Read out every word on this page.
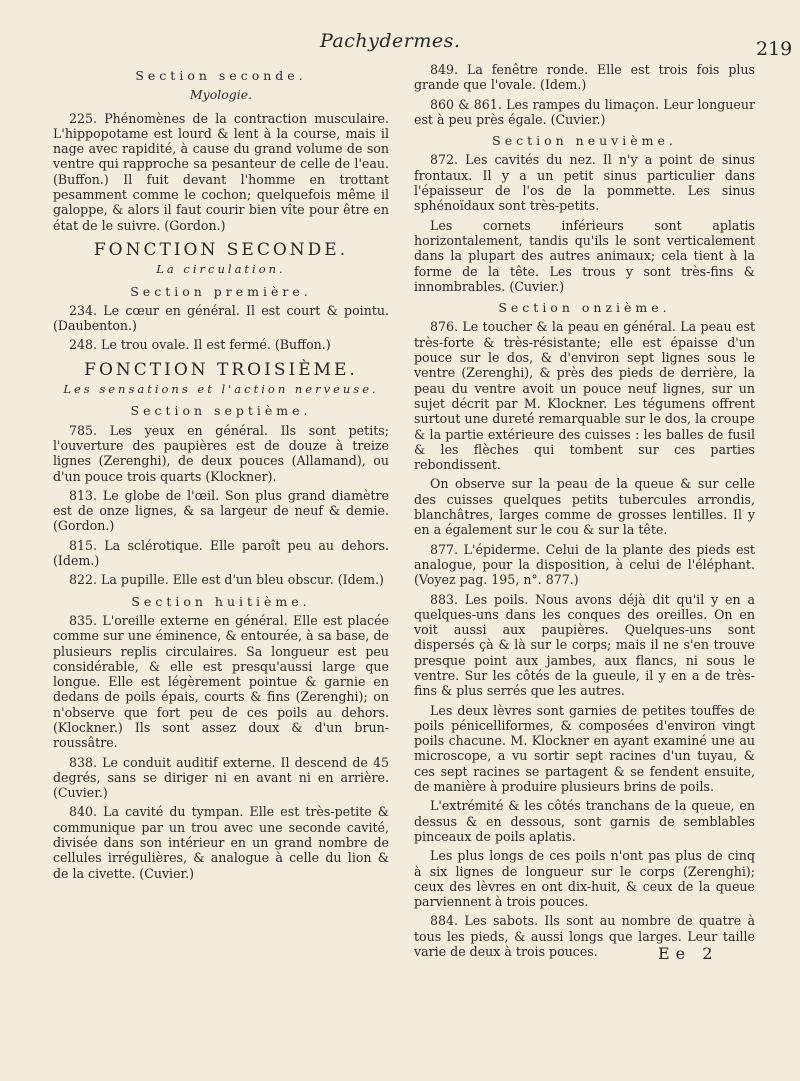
Pachydermes.	219
Section seconde.
Myologie.

225. Phénomènes de la contraction musculaire. L'hippopotame est lourd & lent à la course, mais il nage avec rapidité, à cause du grand volume de son ventre qui rapproche sa pesanteur de celle de l'eau. (Buffon.) Il fuit devant l'homme en trottant pesamment comme le cochon; quelquefois même il galoppe, & alors il faut courir bien vîte pour être en état de le suivre. (Gordon.)

FONCTION SECONDE.
La circulation.
Section première.

234. Le cœur en général. Il est court & pointu. (Daubenton.)

248. Le trou ovale. Il est fermé. (Buffon.)

FONCTION TROISIÈME.
Les sensations et l'action nerveuse.
Section septième.

785. Les yeux en général. Ils sont petits; l'ouverture des paupières est de douze à treize lignes (Zerenghi), de deux pouces (Allamand), ou d'un pouce trois quarts (Klockner).

813. Le globe de l'œil. Son plus grand diamètre est de onze lignes, & sa largeur de neuf & demie. (Gordon.)

815. La sclérotique. Elle paroît peu au dehors. (Idem.)

822. La pupille. Elle est d'un bleu obscur. (Idem.)

Section huitième.

835. L'oreille externe en général. Elle est placée comme sur une éminence, & entourée, à sa base, de plusieurs replis circulaires. Sa longueur est peu considérable, & elle est presqu'aussi large que longue. Elle est légèrement pointue & garnie en dedans de poils épais, courts & fins (Zerenghi); on n'observe que fort peu de ces poils au dehors. (Klockner.) Ils sont assez doux & d'un brun-roussâtre.

838. Le conduit auditif externe. Il descend de 45 degrés, sans se diriger ni en avant ni en arrière. (Cuvier.)

840. La cavité du tympan. Elle est très-petite & communique par un trou avec une seconde cavité, divisée dans son intérieur en un grand nombre de cellules irrégulières, & analogue à celle du lion & de la civette. (Cuvier.)

849. La fenêtre ronde. Elle est trois fois plus grande que l'ovale. (Idem.)

860 & 861. Les rampes du limaçon. Leur longueur est à peu près égale. (Cuvier.)

Section neuvième.

872. Les cavités du nez. Il n'y a point de sinus frontaux. Il y a un petit sinus particulier dans l'épaisseur de l'os de la pommette. Les sinus sphénoïdaux sont très-petits.

Les cornets inférieurs sont aplatis horizontalement, tandis qu'ils le sont verticalement dans la plupart des autres animaux; cela tient à la forme de la tête. Les trous y sont très-fins & innombrables. (Cuvier.)

Section onzième.

876. Le toucher & la peau en général. La peau est très-forte & très-résistante; elle est épaisse d'un pouce sur le dos, & d'environ sept lignes sous le ventre (Zerenghi), & près des pieds de derrière, la peau du ventre avoit un pouce neuf lignes, sur un sujet décrit par M. Klockner. Les tégumens offrent surtout une dureté remarquable sur le dos, la croupe & la partie extérieure des cuisses : les balles de fusil & les flèches qui tombent sur ces parties rebondissent.

On observe sur la peau de la queue & sur celle des cuisses quelques petits tubercules arrondis, blanchâtres, larges comme de grosses lentilles. Il y en a également sur le cou & sur la tête.

877. L'épiderme. Celui de la plante des pieds est analogue, pour la disposition, à celui de l'éléphant. (Voyez pag. 195, n°. 877.)

883. Les poils. Nous avons déjà dit qu'il y en a quelques-uns dans les conques des oreilles. On en voit aussi aux paupières. Quelques-uns sont dispersés çà & là sur le corps; mais il ne s'en trouve presque point aux jambes, aux flancs, ni sous le ventre. Sur les côtés de la gueule, il y en a de très-fins & plus serrés que les autres.

Les deux lèvres sont garnies de petites touffes de poils pénicelliformes, & composées d'environ vingt poils chacune. M. Klockner en ayant examiné une au microscope, a vu sortir sept racines d'un tuyau, & ces sept racines se partagent & se fendent ensuite, de manière à produire plusieurs brins de poils.

L'extrémité & les côtés tranchans de la queue, en dessus & en dessous, sont garnis de semblables pinceaux de poils aplatis.

Les plus longs de ces poils n'ont pas plus de cinq à six lignes de longueur sur le corps (Zerenghi); ceux des lèvres en ont dix-huit, & ceux de la queue parviennent à trois pouces.

884. Les sabots. Ils sont au nombre de quatre à tous les pieds, & aussi longs que larges. Leur taille varie de deux à trois pouces.	Ee 2
